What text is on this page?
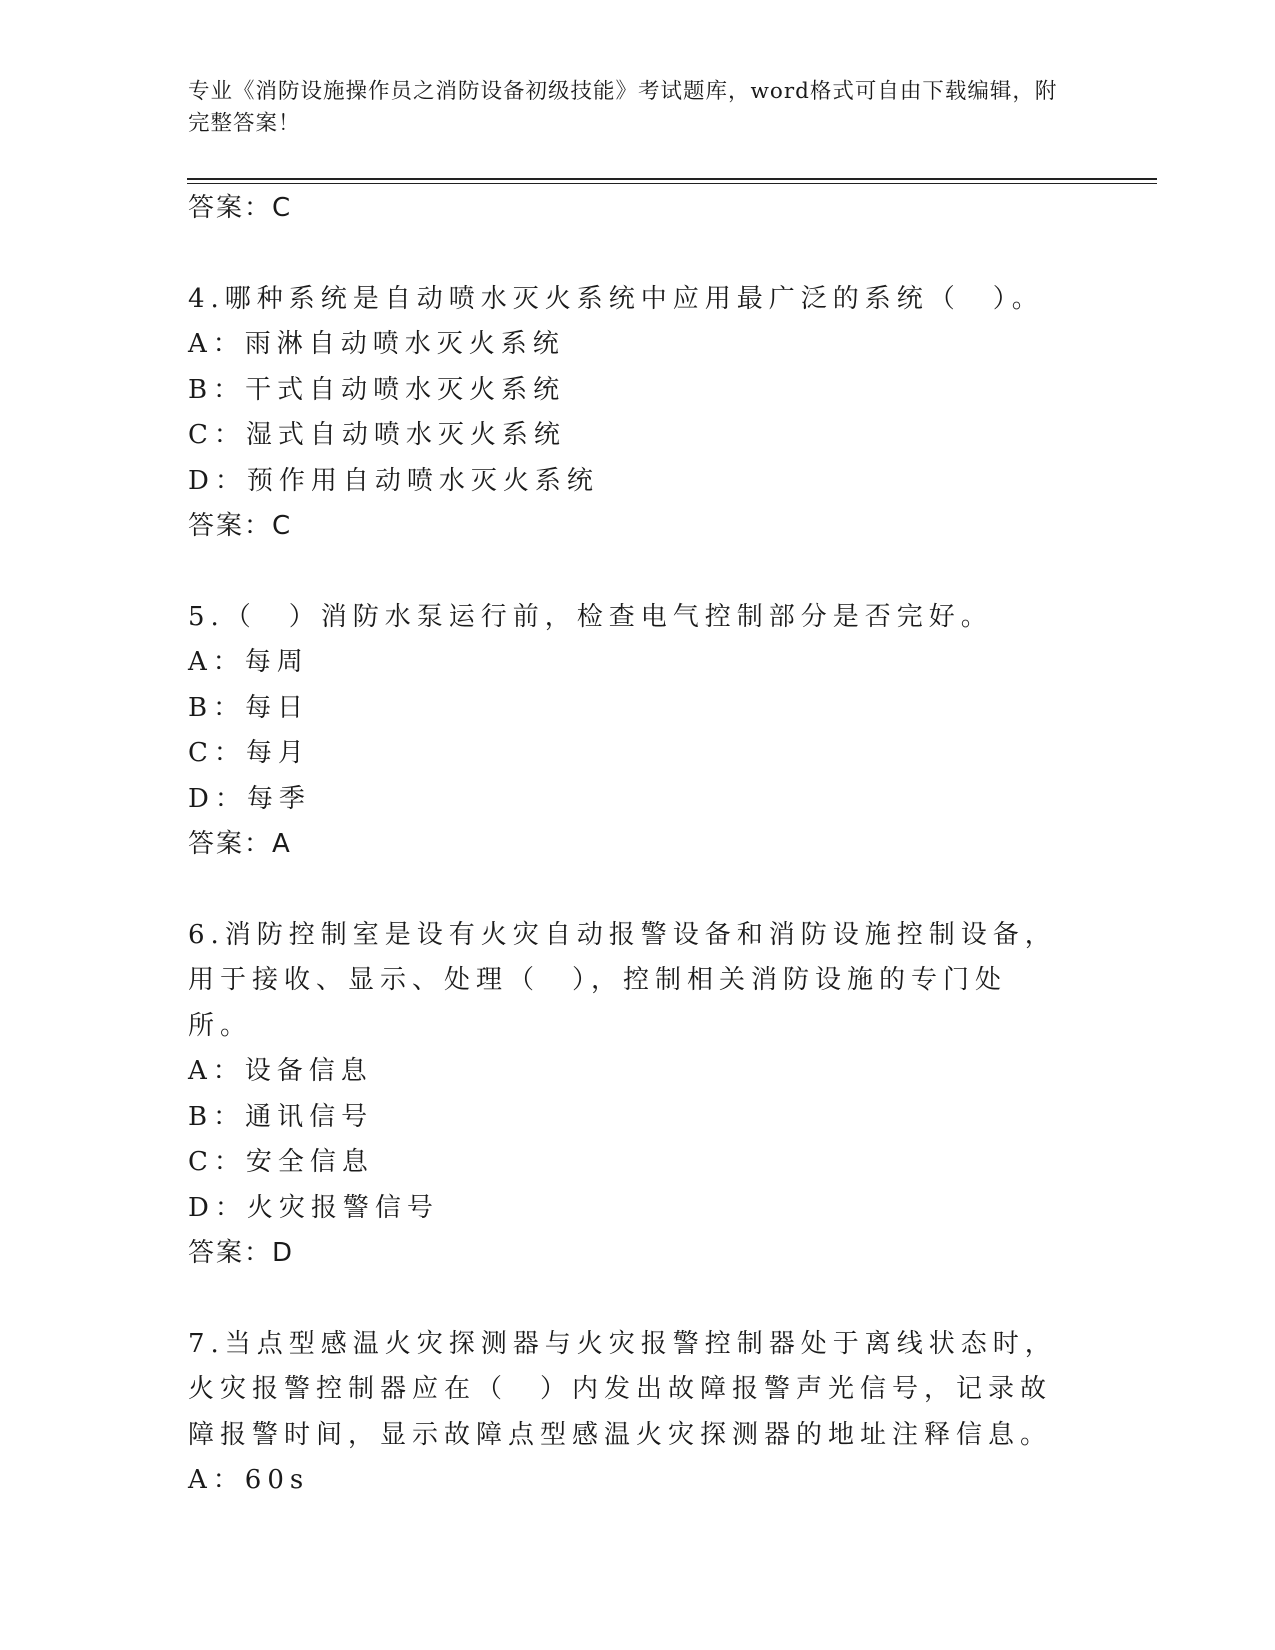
专业《消防设施操作员之消防设备初级技能》考试题库，word格式可自由下载编辑，附完整答案！
答案：C
4.哪种系统是自动喷水灭火系统中应用最广泛的系统（　）。
A：雨淋自动喷水灭火系统
B：干式自动喷水灭火系统
C：湿式自动喷水灭火系统
D：预作用自动喷水灭火系统
答案：C
5.（　）消防水泵运行前，检查电气控制部分是否完好。
A：每周
B：每日
C：每月
D：每季
答案：A
6.消防控制室是设有火灾自动报警设备和消防设施控制设备，用于接收、显示、处理（　），控制相关消防设施的专门处所。
A：设备信息
B：通讯信号
C：安全信息
D：火灾报警信号
答案：D
7.当点型感温火灾探测器与火灾报警控制器处于离线状态时，火灾报警控制器应在（　）内发出故障报警声光信号，记录故障报警时间，显示故障点型感温火灾探测器的地址注释信息。
A：60s
